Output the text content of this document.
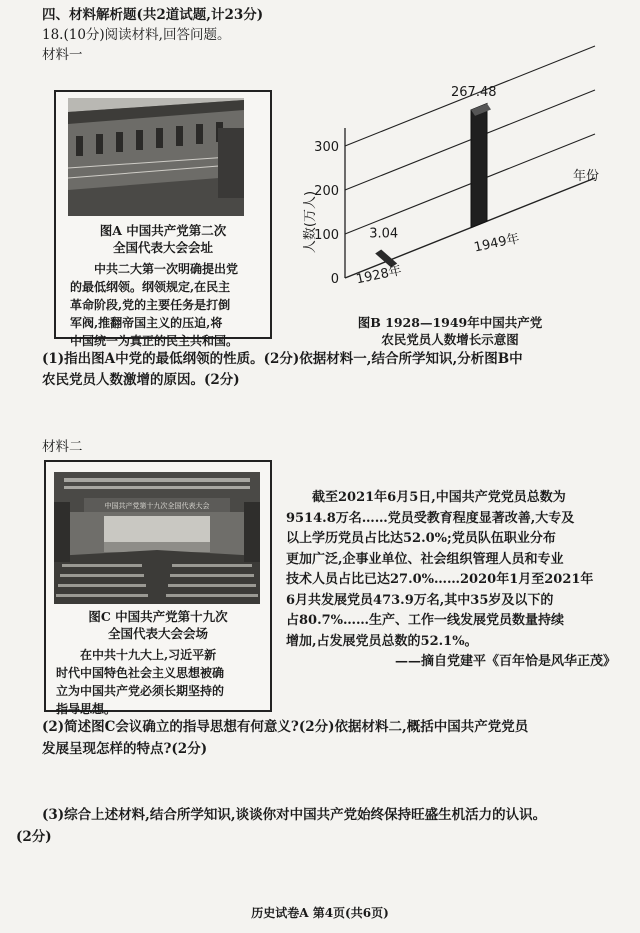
四、材料解析题(共2道试题,计23分)
18.(10分)阅读材料,回答问题。
材料一
图A 中国共产党第二次
全国代表大会会址
中共二大第一次明确提出党
的最低纲领。纲领规定,在民主
革命阶段,党的主要任务是打倒
军阀,推翻帝国主义的压迫,将
中国统一为真正的民主共和国。
0
100
200
300
人数(万人)
年份
3.04
1928年
267.48
1949年
图B 1928—1949年中国共产党
农民党员人数增长示意图
(1)指出图A中党的最低纲领的性质。(2分)依据材料一,结合所学知识,分析图B中
农民党员人数激增的原因。(2分)
材料二
中国共产党第十九次全国代表大会
图C 中国共产党第十九次
全国代表大会会场
在中共十九大上,习近平新
时代中国特色社会主义思想被确
立为中国共产党必须长期坚持的
指导思想。
截至2021年6月5日,中国共产党党员总数为
9514.8万名……党员受教育程度显著改善,大专及
以上学历党员占比达52.0%;党员队伍职业分布
更加广泛,企事业单位、社会组织管理人员和专业
技术人员占比已达27.0%……2020年1月至2021年
6月共发展党员473.9万名,其中35岁及以下的
占80.7%……生产、工作一线发展党员数量持续
增加,占发展党员总数的52.1%。
——摘自党建平《百年恰是风华正茂》
(2)简述图C会议确立的指导思想有何意义?(2分)依据材料二,概括中国共产党党员
发展呈现怎样的特点?(2分)
(3)综合上述材料,结合所学知识,谈谈你对中国共产党始终保持旺盛生机活力的认识。
(2分)
历史试卷A 第4页(共6页)
